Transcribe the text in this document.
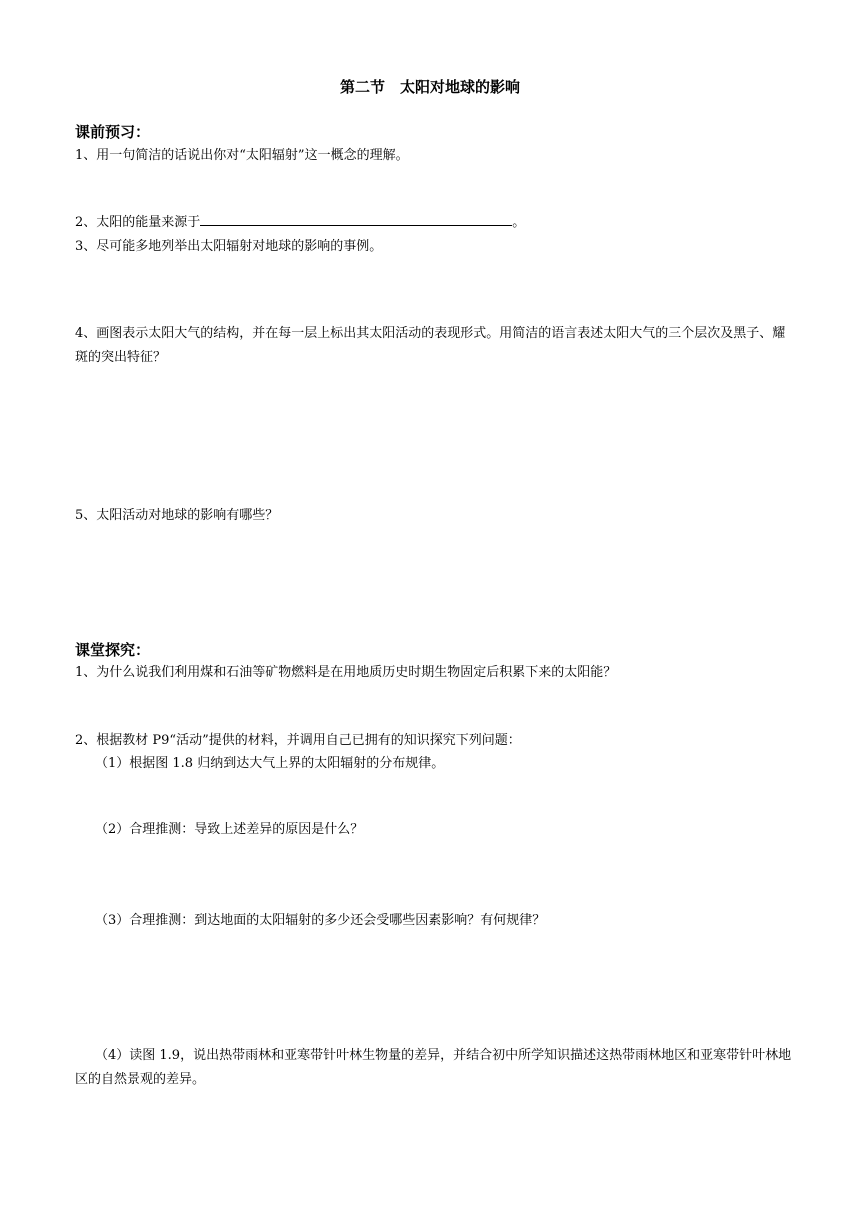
第二节　太阳对地球的影响
课前预习：
1、用一句简洁的话说出你对“太阳辐射”这一概念的理解。
2、太阳的能量来源于	。
3、尽可能多地列举出太阳辐射对地球的影响的事例。
4、画图表示太阳大气的结构，并在每一层上标出其太阳活动的表现形式。用简洁的语言表述太阳大气的三个层次及黑子、耀斑的突出特征？
5、太阳活动对地球的影响有哪些？
课堂探究：
1、为什么说我们利用煤和石油等矿物燃料是在用地质历史时期生物固定后积累下来的太阳能？
2、根据教材 P9“活动”提供的材料，并调用自己已拥有的知识探究下列问题：
（1）根据图 1.8 归纳到达大气上界的太阳辐射的分布规律。
（2）合理推测：导致上述差异的原因是什么？
（3）合理推测：到达地面的太阳辐射的多少还会受哪些因素影响？有何规律？
（4）读图 1.9，说出热带雨林和亚寒带针叶林生物量的差异，并结合初中所学知识描述这热带雨林地区和亚寒带针叶林地区的自然景观的差异。
